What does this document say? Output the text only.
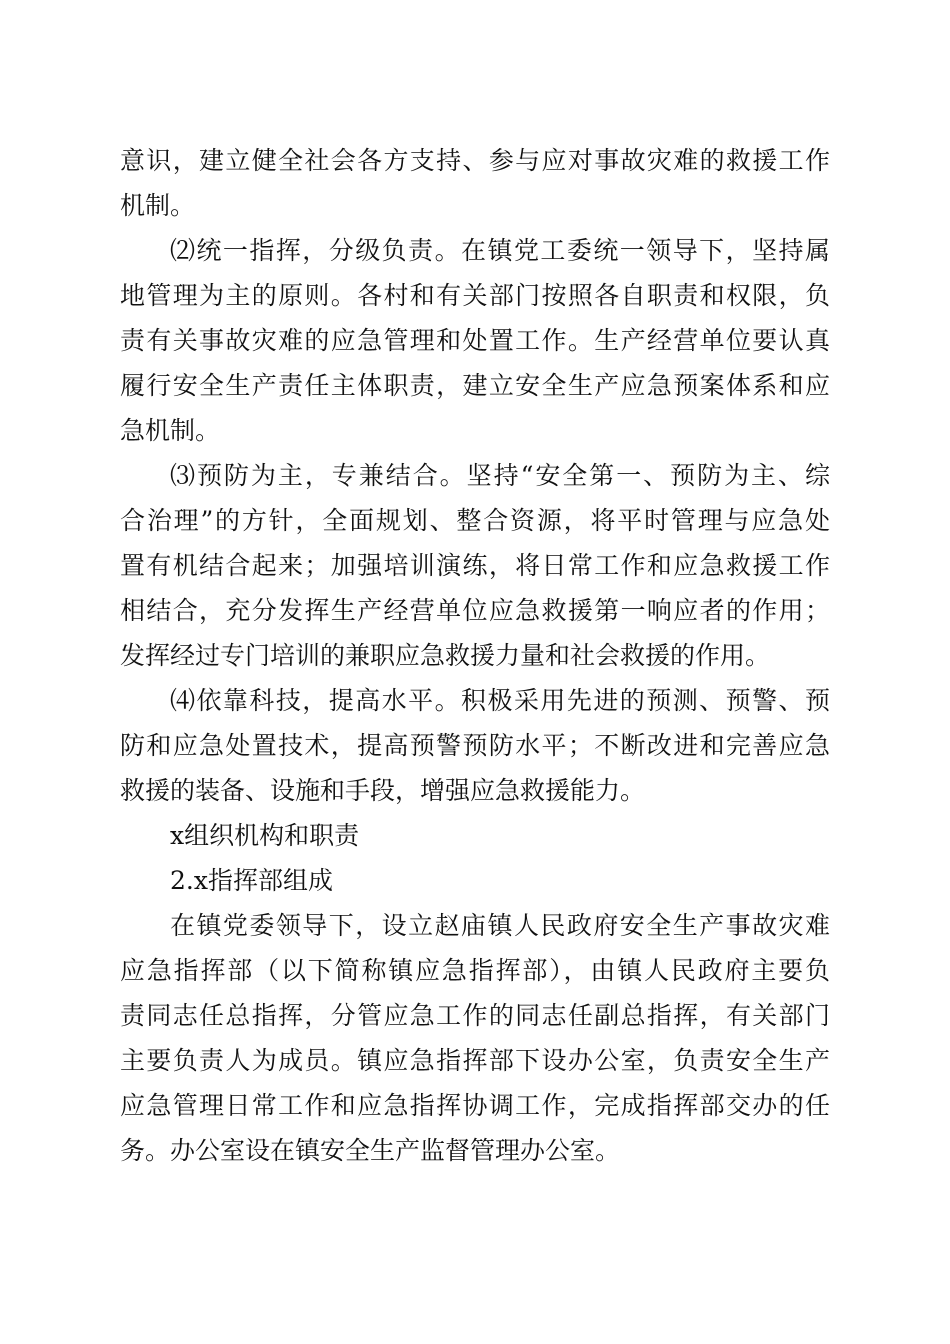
意识，建立健全社会各方支持、参与应对事故灾难的救援工作
机制。
⑵统一指挥，分级负责。在镇党工委统一领导下，坚持属
地管理为主的原则。各村和有关部门按照各自职责和权限，负
责有关事故灾难的应急管理和处置工作。生产经营单位要认真
履行安全生产责任主体职责，建立安全生产应急预案体系和应
急机制。
⑶预防为主，专兼结合。坚持“安全第一、预防为主、综
合治理”的方针，全面规划、整合资源，将平时管理与应急处
置有机结合起来；加强培训演练，将日常工作和应急救援工作
相结合，充分发挥生产经营单位应急救援第一响应者的作用；
发挥经过专门培训的兼职应急救援力量和社会救援的作用。
⑷依靠科技，提高水平。积极采用先进的预测、预警、预
防和应急处置技术，提高预警预防水平；不断改进和完善应急
救援的装备、设施和手段，增强应急救援能力。
x组织机构和职责
2.x指挥部组成
在镇党委领导下，设立赵庙镇人民政府安全生产事故灾难
应急指挥部（以下简称镇应急指挥部），由镇人民政府主要负
责同志任总指挥，分管应急工作的同志任副总指挥，有关部门
主要负责人为成员。镇应急指挥部下设办公室，负责安全生产
应急管理日常工作和应急指挥协调工作，完成指挥部交办的任
务。办公室设在镇安全生产监督管理办公室。
